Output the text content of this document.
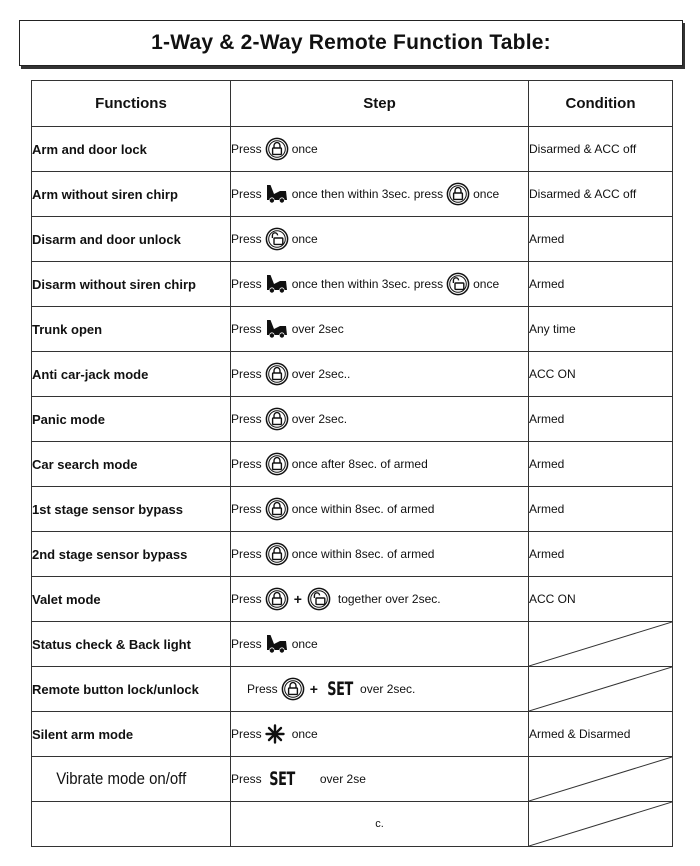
1-Way & 2-Way Remote Function Table:
Functions	Step	Condition
Arm and door lock	Press once	Disarmed & ACC off
Arm without siren chirp	Press once then within 3sec. press once	Disarmed & ACC off
Disarm and door unlock	Press once	Armed
Disarm without siren chirp	Press once then within 3sec. press once	Armed
Trunk open	Press over 2sec	Any time
Anti car-jack mode	Press over 2sec..	ACC ON
Panic mode	Press over 2sec.	Armed
Car search mode	Press once after 8sec. of armed	Armed
1st stage sensor bypass	Press once within 8sec. of armed	Armed
2nd stage sensor bypass	Press once within 8sec. of armed	Armed
Valet mode	Press + together over 2sec.	ACC ON
Status check & Back light	Press once

Remote button lock/unlock	Press + SET over 2sec.

Silent arm mode	Press once	Armed & Disarmed
Vibrate mode on/off	Press SET over 2se

	c.
